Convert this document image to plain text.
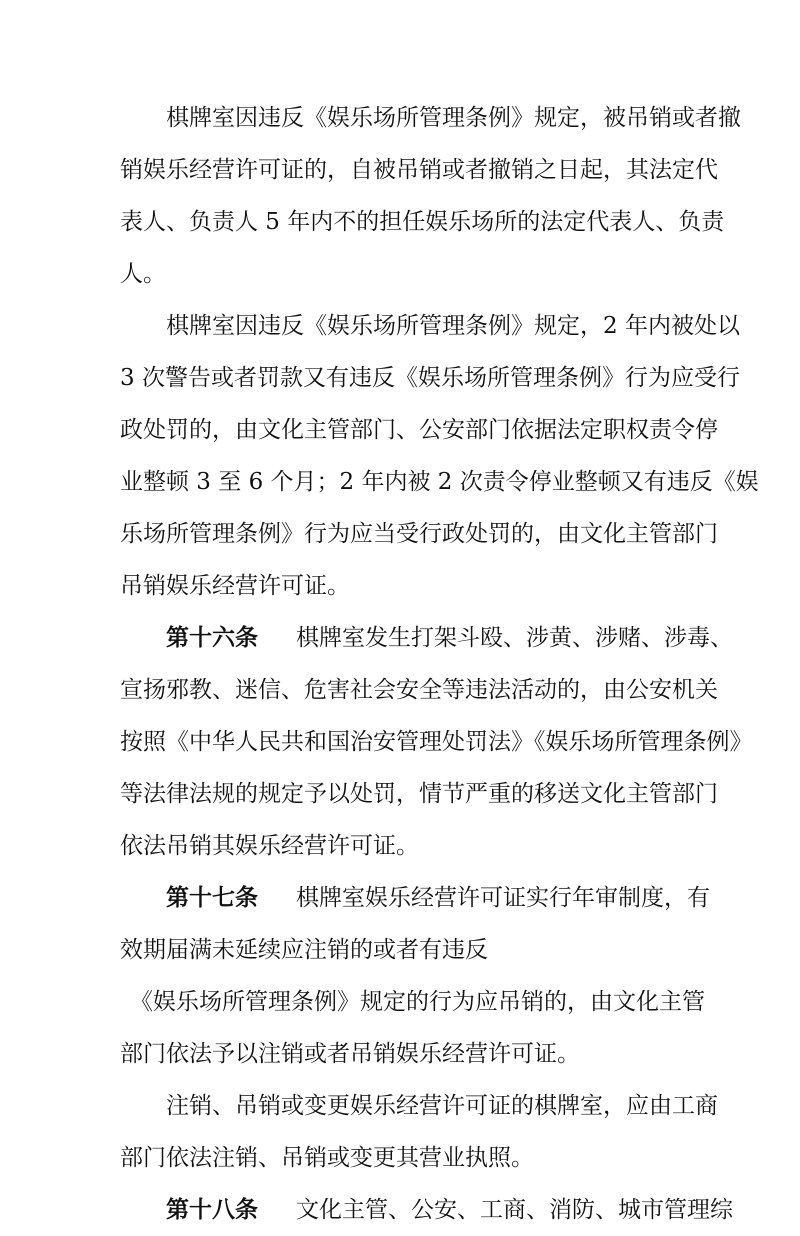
棋牌室因违反《娱乐场所管理条例》规定，被吊销或者撤
销娱乐经营许可证的，自被吊销或者撤销之日起，其法定代
表人、负责人 5 年内不的担任娱乐场所的法定代表人、负责
人。
棋牌室因违反《娱乐场所管理条例》规定，2 年内被处以
3 次警告或者罚款又有违反《娱乐场所管理条例》行为应受行
政处罚的，由文化主管部门、公安部门依据法定职权责令停
业整顿 3 至 6 个月；2 年内被 2 次责令停业整顿又有违反《娱
乐场所管理条例》行为应当受行政处罚的，由文化主管部门
吊销娱乐经营许可证。
第十六条 棋牌室发生打架斗殴、涉黄、涉赌、涉毒、
宣扬邪教、迷信、危害社会安全等违法活动的，由公安机关
按照《中华人民共和国治安管理处罚法》《娱乐场所管理条例》
等法律法规的规定予以处罚，情节严重的移送文化主管部门
依法吊销其娱乐经营许可证。
第十七条 棋牌室娱乐经营许可证实行年审制度，有
效期届满未延续应注销的或者有违反
《娱乐场所管理条例》规定的行为应吊销的，由文化主管
部门依法予以注销或者吊销娱乐经营许可证。
注销、吊销或变更娱乐经营许可证的棋牌室，应由工商
部门依法注销、吊销或变更其营业执照。
第十八条 文化主管、公安、工商、消防、城市管理综
